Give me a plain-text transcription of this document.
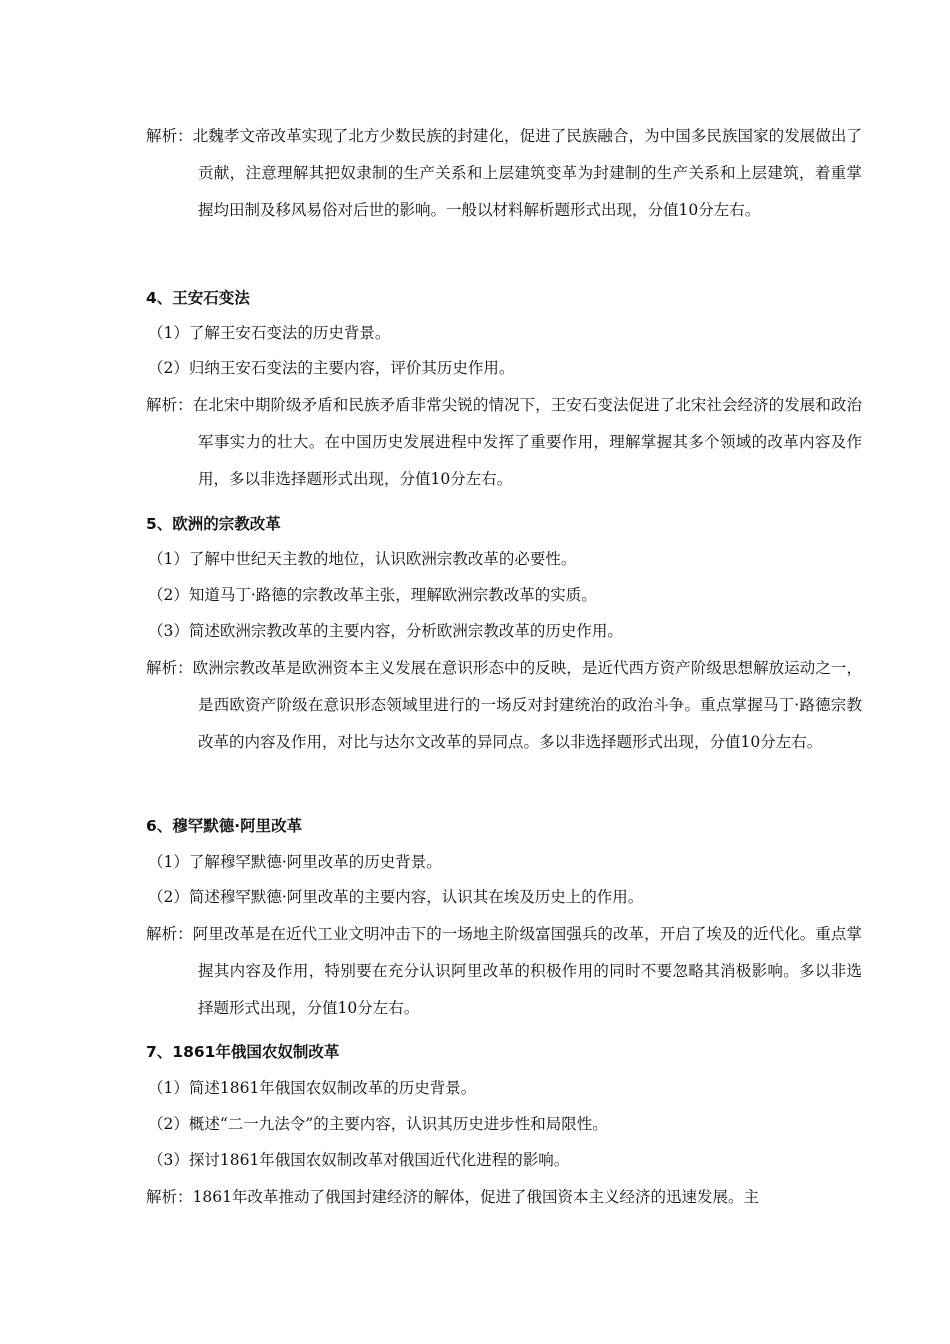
解析：北魏孝文帝改革实现了北方少数民族的封建化，促进了民族融合，为中国多民族国家的发展做出了贡献，注意理解其把奴隶制的生产关系和上层建筑变革为封建制的生产关系和上层建筑，着重掌握均田制及移风易俗对后世的影响。一般以材料解析题形式出现，分值10分左右。
4、王安石变法
（1）了解王安石变法的历史背景。
（2）归纳王安石变法的主要内容，评价其历史作用。
解析：在北宋中期阶级矛盾和民族矛盾非常尖锐的情况下，王安石变法促进了北宋社会经济的发展和政治军事实力的壮大。在中国历史发展进程中发挥了重要作用，理解掌握其多个领域的改革内容及作用，多以非选择题形式出现，分值10分左右。
5、欧洲的宗教改革
（1）了解中世纪天主教的地位，认识欧洲宗教改革的必要性。
（2）知道马丁·路德的宗教改革主张，理解欧洲宗教改革的实质。
（3）简述欧洲宗教改革的主要内容，分析欧洲宗教改革的历史作用。
解析：欧洲宗教改革是欧洲资本主义发展在意识形态中的反映，是近代西方资产阶级思想解放运动之一，是西欧资产阶级在意识形态领域里进行的一场反对封建统治的政治斗争。重点掌握马丁·路德宗教改革的内容及作用，对比与达尔文改革的异同点。多以非选择题形式出现，分值10分左右。
6、穆罕默德·阿里改革
（1）了解穆罕默德·阿里改革的历史背景。
（2）简述穆罕默德·阿里改革的主要内容，认识其在埃及历史上的作用。
解析：阿里改革是在近代工业文明冲击下的一场地主阶级富国强兵的改革，开启了埃及的近代化。重点掌握其内容及作用，特别要在充分认识阿里改革的积极作用的同时不要忽略其消极影响。多以非选择题形式出现，分值10分左右。
7、1861年俄国农奴制改革
（1）简述1861年俄国农奴制改革的历史背景。
（2）概述“二一九法令”的主要内容，认识其历史进步性和局限性。
（3）探讨1861年俄国农奴制改革对俄国近代化进程的影响。
解析：1861年改革推动了俄国封建经济的解体，促进了俄国资本主义经济的迅速发展。主
